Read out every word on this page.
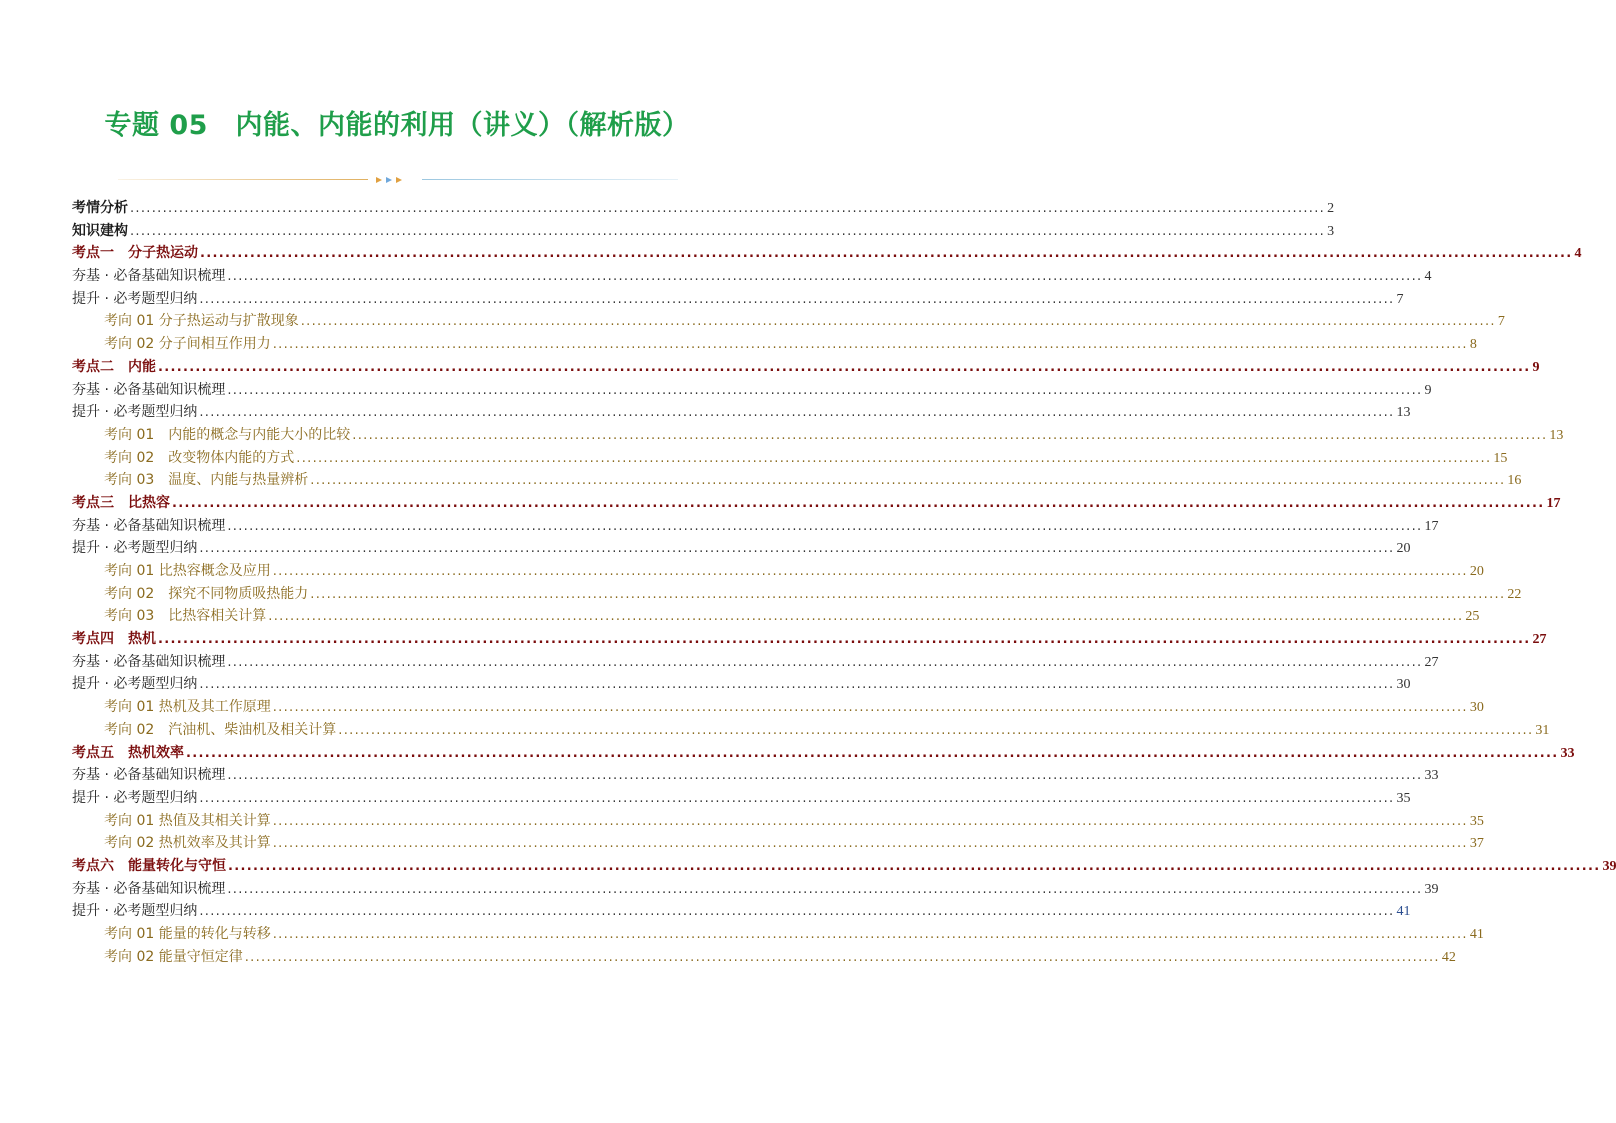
专题 05　内能、内能的利用（讲义）（解析版）
考情分析 ............................................................................................................................................................................................................................ 2
知识建构 ............................................................................................................................................................................................................................ 3
考点一　分子热运动 ............................................................................................................................................................................................................................ 4
夯基 · 必备基础知识梳理 ............................................................................................................................................................................................................................ 4
提升 · 必考题型归纳 ............................................................................................................................................................................................................................ 7
考向 01 分子热运动与扩散现象 ............................................................................................................................................................................................................................ 7
考向 02 分子间相互作用力 ............................................................................................................................................................................................................................ 8
考点二　内能 ............................................................................................................................................................................................................................ 9
夯基 · 必备基础知识梳理 ............................................................................................................................................................................................................................ 9
提升 · 必考题型归纳 ............................................................................................................................................................................................................................ 13
考向 01　内能的概念与内能大小的比较 ............................................................................................................................................................................................................................ 13
考向 02　改变物体内能的方式 ............................................................................................................................................................................................................................ 15
考向 03　温度、内能与热量辨析 ............................................................................................................................................................................................................................ 16
考点三　比热容 ............................................................................................................................................................................................................................ 17
夯基 · 必备基础知识梳理 ............................................................................................................................................................................................................................ 17
提升 · 必考题型归纳 ............................................................................................................................................................................................................................ 20
考向 01 比热容概念及应用 ............................................................................................................................................................................................................................ 20
考向 02　探究不同物质吸热能力 ............................................................................................................................................................................................................................ 22
考向 03　比热容相关计算 ............................................................................................................................................................................................................................ 25
考点四　热机 ............................................................................................................................................................................................................................ 27
夯基 · 必备基础知识梳理 ............................................................................................................................................................................................................................ 27
提升 · 必考题型归纳 ............................................................................................................................................................................................................................ 30
考向 01 热机及其工作原理 ............................................................................................................................................................................................................................ 30
考向 02　汽油机、柴油机及相关计算 ............................................................................................................................................................................................................................ 31
考点五　热机效率 ............................................................................................................................................................................................................................ 33
夯基 · 必备基础知识梳理 ............................................................................................................................................................................................................................ 33
提升 · 必考题型归纳 ............................................................................................................................................................................................................................ 35
考向 01 热值及其相关计算 ............................................................................................................................................................................................................................ 35
考向 02 热机效率及其计算 ............................................................................................................................................................................................................................ 37
考点六　能量转化与守恒 ............................................................................................................................................................................................................................ 39
夯基 · 必备基础知识梳理 ............................................................................................................................................................................................................................ 39
提升 · 必考题型归纳 ............................................................................................................................................................................................................................ 41
考向 01 能量的转化与转移 ............................................................................................................................................................................................................................ 41
考向 02 能量守恒定律 ............................................................................................................................................................................................................................ 42
